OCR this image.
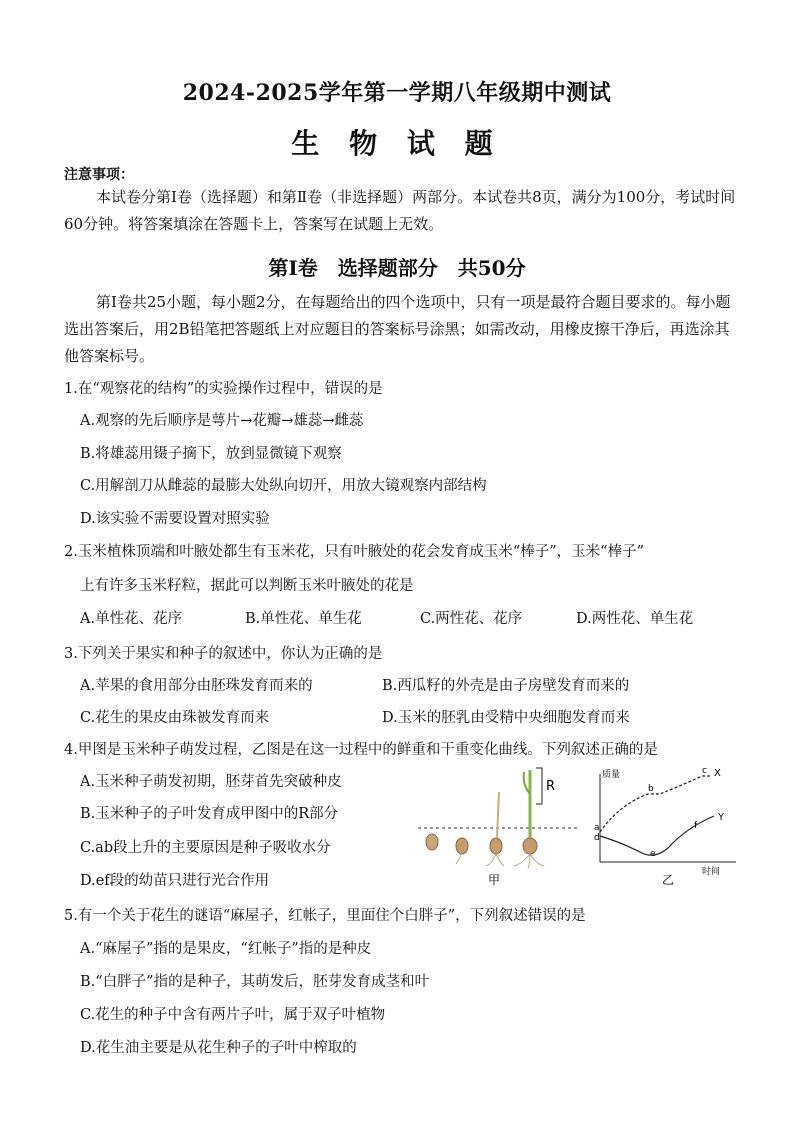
2024-2025学年第一学期八年级期中测试
生 物 试 题
注意事项：
本试卷分第Ⅰ卷（选择题）和第Ⅱ卷（非选择题）两部分。本试卷共8页，满分为100分，考试时间60分钟。将答案填涂在答题卡上，答案写在试题上无效。
第Ⅰ卷　选择题部分　共50分
第Ⅰ卷共25小题，每小题2分，在每题给出的四个选项中，只有一项是最符合题目要求的。每小题选出答案后，用2B铅笔把答题纸上对应题目的答案标号涂黑；如需改动，用橡皮擦干净后，再选涂其他答案标号。
1.在“观察花的结构”的实验操作过程中，错误的是
A.观察的先后顺序是萼片→花瓣→雄蕊→雌蕊
B.将雄蕊用镊子摘下，放到显微镜下观察
C.用解剖刀从雌蕊的最膨大处纵向切开，用放大镜观察内部结构
D.该实验不需要设置对照实验
2.玉米植株顶端和叶腋处都生有玉米花，只有叶腋处的花会发育成玉米“棒子”，玉米“棒子”
上有许多玉米籽粒，据此可以判断玉米叶腋处的花是
A.单性花、花序	B.单性花、单生花	C.两性花、花序	D.两性花、单生花
3.下列关于果实和种子的叙述中，你认为正确的是
A.苹果的食用部分由胚珠发育而来的	B.西瓜籽的外壳是由子房壁发育而来的
C.花生的果皮由珠被发育而来	D.玉米的胚乳由受精中央细胞发育而来
4.甲图是玉米种子萌发过程，乙图是在这一过程中的鲜重和干重变化曲线。下列叙述正确的是
A.玉米种子萌发初期，胚芽首先突破种皮
B.玉米种子的子叶发育成甲图中的R部分
C.ab段上升的主要原因是种子吸收水分
D.ef段的幼苗只进行光合作用
R
甲
质量
时间
a
b
c
d
e
f
X
Y
乙
5.有一个关于花生的谜语“麻屋子，红帐子，里面住个白胖子”，下列叙述错误的是
A.“麻屋子”指的是果皮，“红帐子”指的是种皮
B.“白胖子”指的是种子，其萌发后，胚芽发育成茎和叶
C.花生的种子中含有两片子叶，属于双子叶植物
D.花生油主要是从花生种子的子叶中榨取的
